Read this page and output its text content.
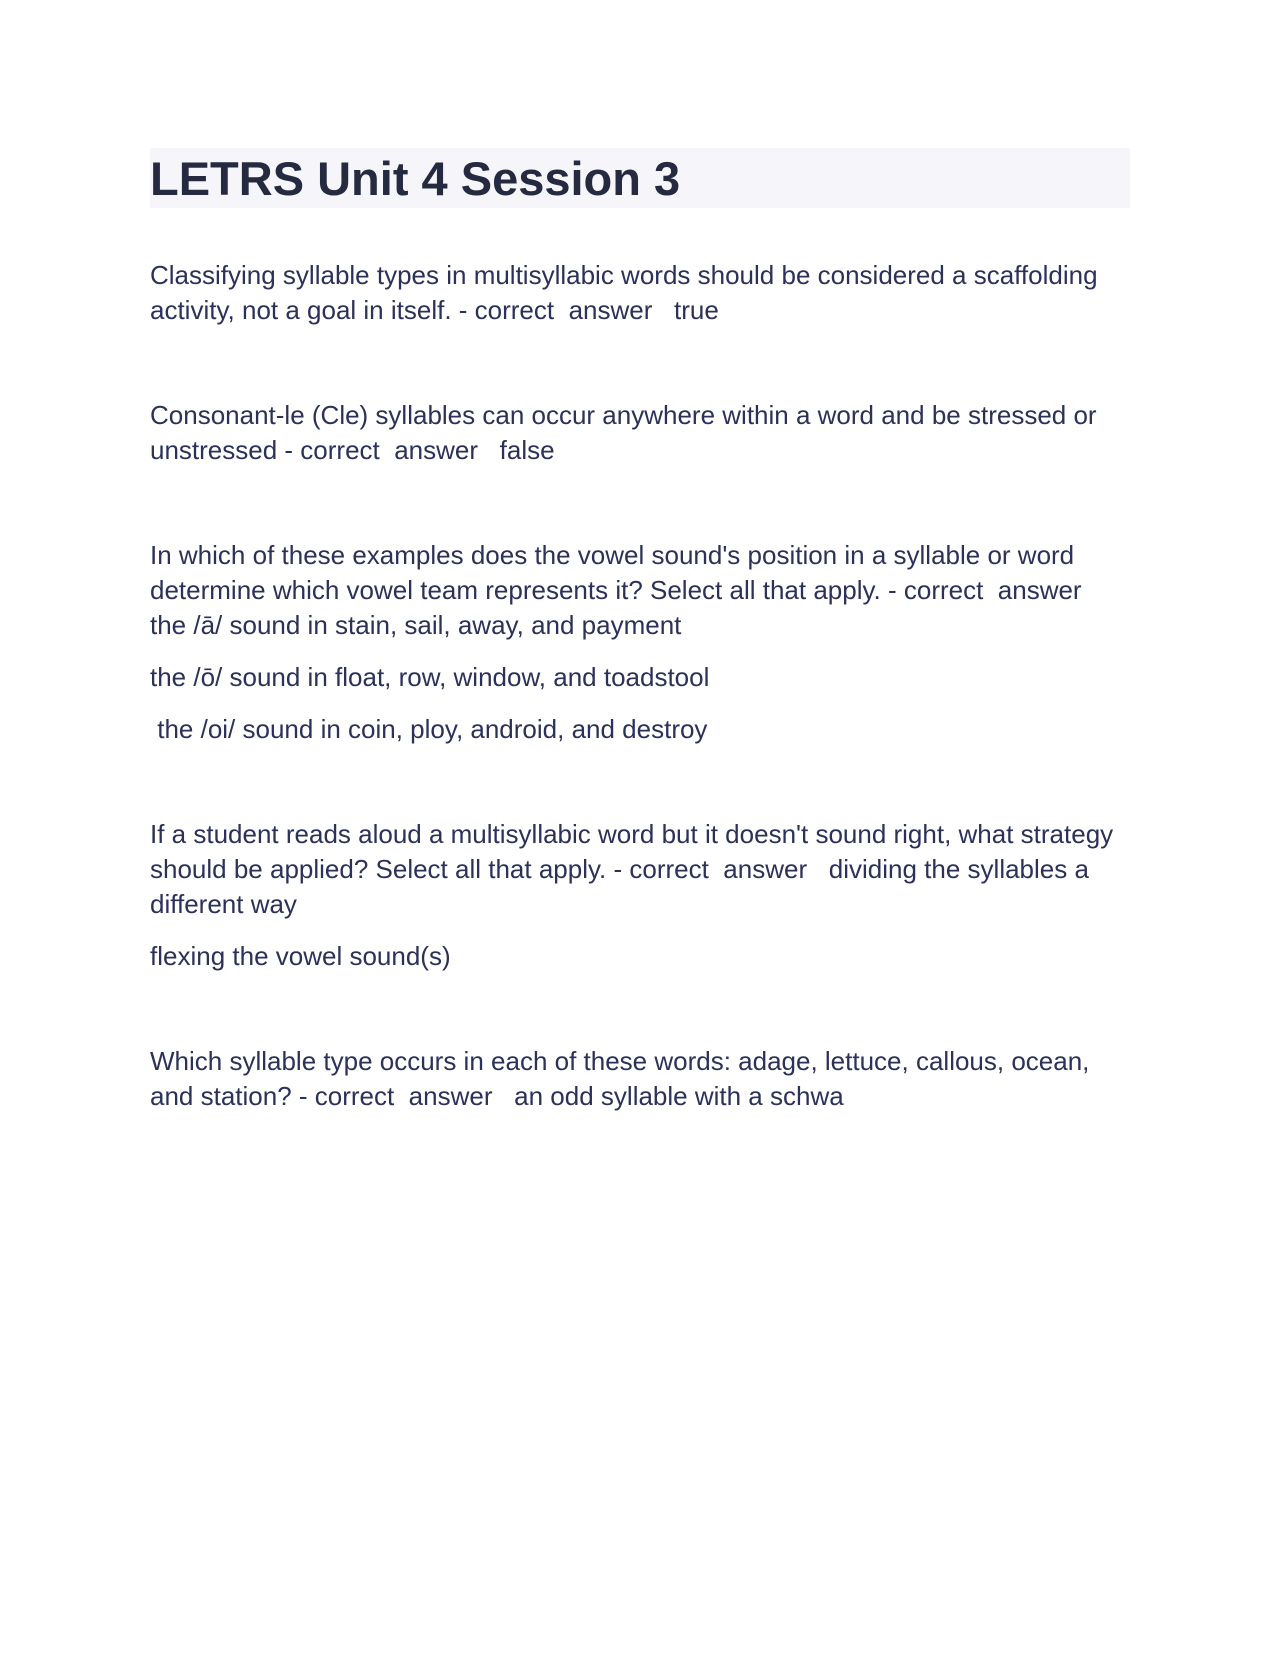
LETRS Unit 4 Session 3

Classifying syllable types in multisyllabic words should be considered a scaffolding activity, not a goal in itself. - correct  answer   true

Consonant-le (Cle) syllables can occur anywhere within a word and be stressed or unstressed - correct  answer   false

In which of these examples does the vowel sound's position in a syllable or word determine which vowel team represents it? Select all that apply. - correct  answer   the /ā/ sound in stain, sail, away, and payment

the /ō/ sound in float, row, window, and toadstool

the /oi/ sound in coin, ploy, android, and destroy

If a student reads aloud a multisyllabic word but it doesn't sound right, what strategy should be applied? Select all that apply. - correct  answer   dividing the syllables a different way

flexing the vowel sound(s)

Which syllable type occurs in each of these words: adage, lettuce, callous, ocean, and station? - correct  answer   an odd syllable with a schwa
